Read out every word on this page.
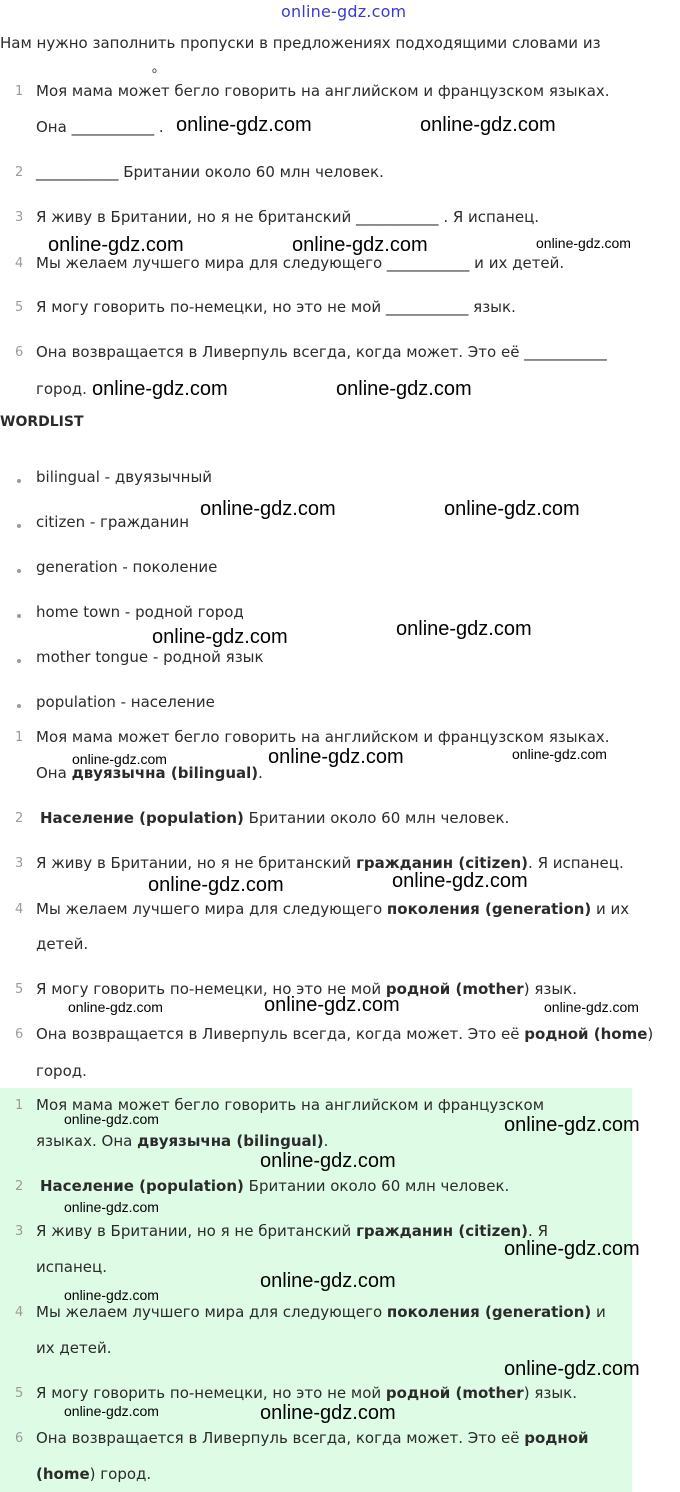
online-gdz.com
Нам нужно заполнить пропуски в предложениях подходящими словами из
о
1 Моя мама может бегло говорить на английском и французском языках.
Она ___________ .
2 ___________ Британии около 60 млн человек.
3 Я живу в Британии, но я не британский ___________ . Я испанец.
4 Мы желаем лучшего мира для следующего ___________ и их детей.
5 Я могу говорить по-немецки, но это не мой ___________ язык.
6 Она возвращается в Ливерпуль всегда, когда может. Это её ___________
город.
WORDLIST
bilingual - двуязычный
citizen - гражданин
generation - поколение
home town - родной город
mother tongue - родной язык
population - население
1 Моя мама может бегло говорить на английском и французском языках.
Она двуязычна (bilingual).
2 Население (population) Британии около 60 млн человек.
3 Я живу в Британии, но я не британский гражданин (citizen). Я испанец.
4 Мы желаем лучшего мира для следующего поколения (generation) и их
детей.
5 Я могу говорить по-немецки, но это не мой родной (mother) язык.
6 Она возвращается в Ливерпуль всегда, когда может. Это её родной (home)
город.
1 Моя мама может бегло говорить на английском и французском
языках. Она двуязычна (bilingual).
2 Население (population) Британии около 60 млн человек.
3 Я живу в Британии, но я не британский гражданин (citizen). Я
испанец.
4 Мы желаем лучшего мира для следующего поколения (generation) и
их детей.
5 Я могу говорить по-немецки, но это не мой родной (mother) язык.
6 Она возвращается в Ливерпуль всегда, когда может. Это её родной
(home) город.
online-gdz.com	online-gdz.com
online-gdz.com	online-gdz.com	online-gdz.com
online-gdz.com	online-gdz.com
online-gdz.com	online-gdz.com
online-gdz.com	online-gdz.com
online-gdz.com	online-gdz.com	online-gdz.com
online-gdz.com	online-gdz.com
online-gdz.com	online-gdz.com	online-gdz.com
online-gdz.com	online-gdz.com
online-gdz.com
online-gdz.com
online-gdz.com
online-gdz.com
online-gdz.com
online-gdz.com
online-gdz.com	online-gdz.com
